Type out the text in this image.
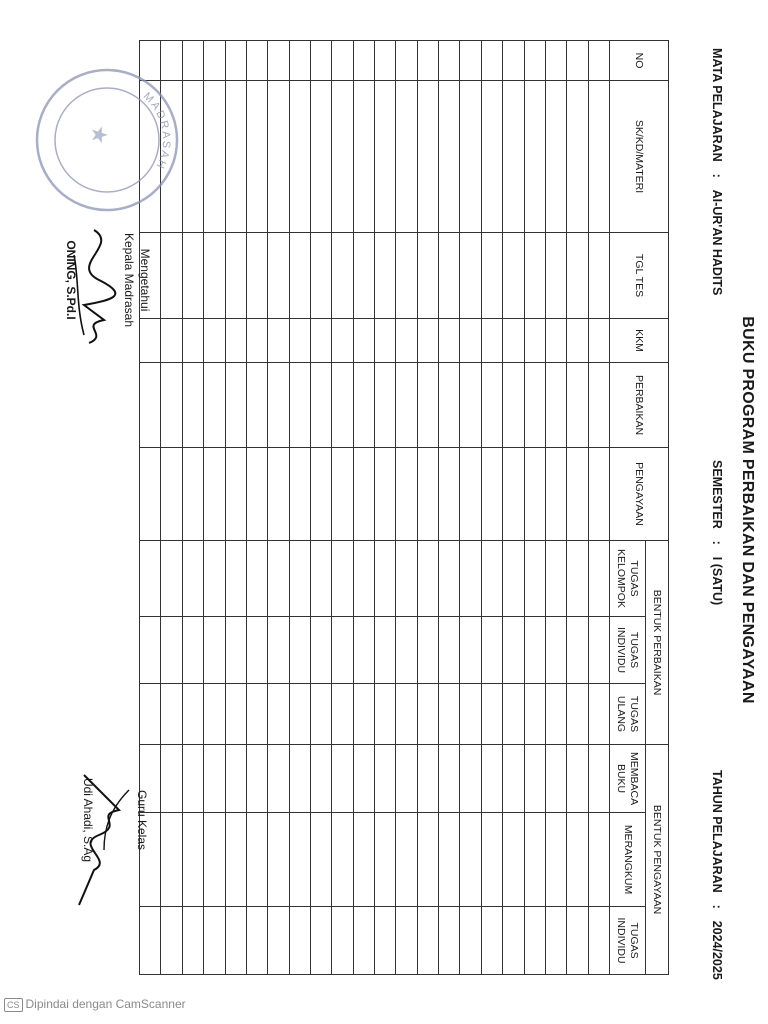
BUKU PROGRAM PERBAIKAN DAN PENGAYAAN
MATA PELAJARAN:AI-UR'AN HADITS
SEMESTER:I (SATU)
TAHUN PELAJARAN:2024/2025
NO	SK/KD/MATERI	TGL TES	KKM	PERBAIKAN	PENGAYAAN	BENTUK PERBAIKAN			BENTUK PENGAYAAN		
						TUGAS KELOMPOK	TUGAS INDIVIDU	TUGAS ULANG	MEMBACA BUKU	MERANGKUM	TUGAS INDIVIDU

MADRASAH
★
Mengetahui
Kepala Madrasah
ONING, S.Pd.I
Guru Kelas
Udi Ahadi, S.Ag
CS Dipindai dengan CamScanner
